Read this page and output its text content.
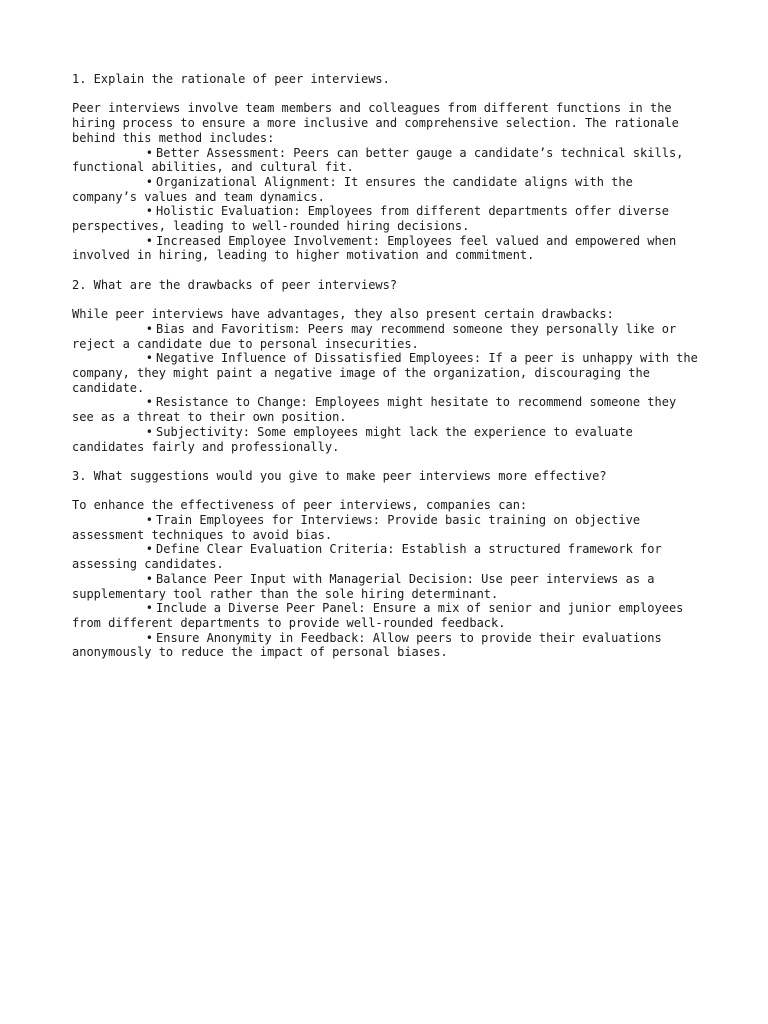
1. Explain the rationale of peer interviews.

Peer interviews involve team members and colleagues from different functions in the hiring process to ensure a more inclusive and comprehensive selection. The rationale behind this method includes:

• Better Assessment: Peers can better gauge a candidate’s technical skills, functional abilities, and cultural fit.
• Organizational Alignment: It ensures the candidate aligns with the company’s values and team dynamics.
• Holistic Evaluation: Employees from different departments offer diverse perspectives, leading to well-rounded hiring decisions.
• Increased Employee Involvement: Employees feel valued and empowered when involved in hiring, leading to higher motivation and commitment.

2. What are the drawbacks of peer interviews?

While peer interviews have advantages, they also present certain drawbacks:

• Bias and Favoritism: Peers may recommend someone they personally like or reject a candidate due to personal insecurities.
• Negative Influence of Dissatisfied Employees: If a peer is unhappy with the company, they might paint a negative image of the organization, discouraging the candidate.
• Resistance to Change: Employees might hesitate to recommend someone they see as a threat to their own position.
• Subjectivity: Some employees might lack the experience to evaluate candidates fairly and professionally.

3. What suggestions would you give to make peer interviews more effective?

To enhance the effectiveness of peer interviews, companies can:

• Train Employees for Interviews: Provide basic training on objective assessment techniques to avoid bias.
• Define Clear Evaluation Criteria: Establish a structured framework for assessing candidates.
• Balance Peer Input with Managerial Decision: Use peer interviews as a supplementary tool rather than the sole hiring determinant.
• Include a Diverse Peer Panel: Ensure a mix of senior and junior employees from different departments to provide well-rounded feedback.
• Ensure Anonymity in Feedback: Allow peers to provide their evaluations anonymously to reduce the impact of personal biases.
